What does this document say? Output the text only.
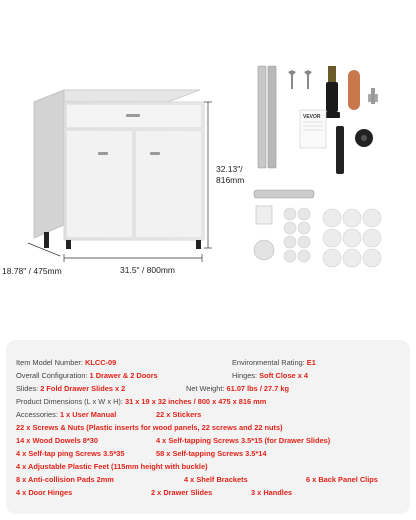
32.13"/
816mm
18.78" / 475mm	31.5" / 800mm
VEVOR
Item Model Number: KLCC-09	Environmental Rating: E1
Overall Configuration: 1 Drawer & 2 Doors	Hinges: Soft Close x 4
Slides: 2 Fold Drawer Slides x 2	Net Weight: 61.07 lbs / 27.7 kg
Product Dimensions (L x W x H): 31 x 19 x 32 inches / 800 x 475 x 816 mm
Accessories: 1 x User Manual	22 x Stickers
22 x Screws & Nuts (Plastic inserts for wood panels, 22 screws and 22 nuts)
14 x Wood Dowels 8*30	4 x Self-tapping Screws 3.5*15 (for Drawer Slides)
4 x Self-tap ping Screws 3.5*35	58 x Self-tapping Screws 3.5*14
4 x Adjustable Plastic Feet (115mm height with buckle)
8 x Anti-collision Pads 2mm	4 x Shelf Brackets	6 x Back Panel Clips
4 x Door Hinges	2 x Drawer Slides	3 x Handles
